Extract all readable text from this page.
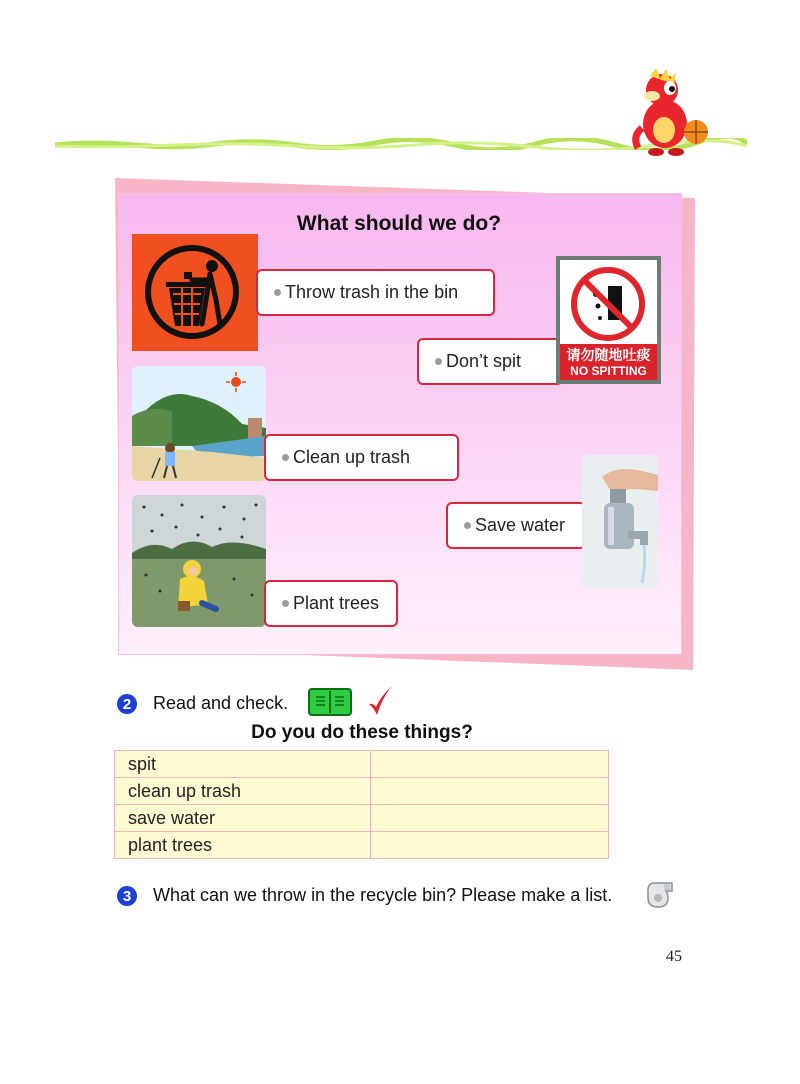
What should we do?
Throw trash in the bin
Don’t spit	请勿随地吐痰
NO SPITTING
Clean up trash
Save water
Plant trees
2	Read and check.
Do you do these things?
spit	
clean up trash	
save water	
plant trees	
3	What can we throw in the recycle bin? Please make a list.
45
